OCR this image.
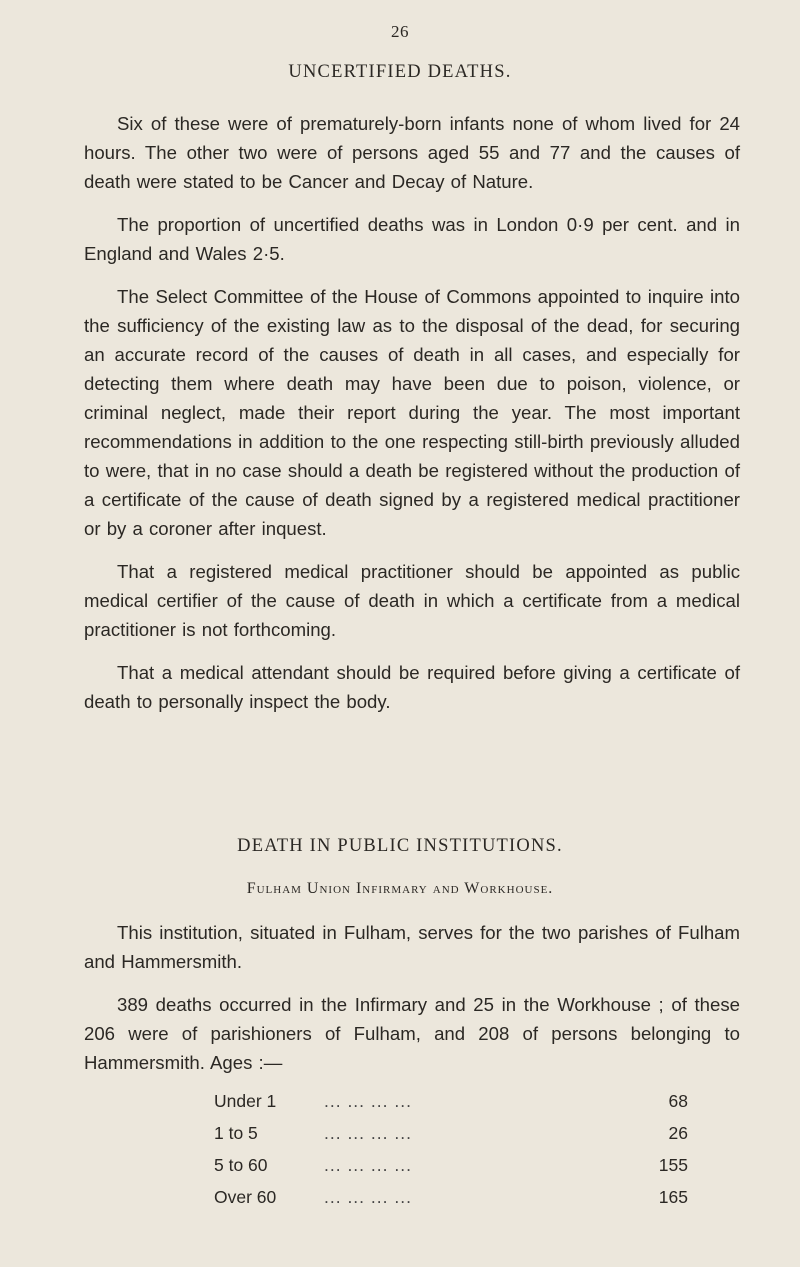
26
UNCERTIFIED DEATHS.

Six of these were of prematurely-born infants none of whom lived for 24 hours. The other two were of persons aged 55 and 77 and the causes of death were stated to be Cancer and Decay of Nature.

The proportion of uncertified deaths was in London 0·9 per cent. and in England and Wales 2·5.

The Select Committee of the House of Commons appointed to inquire into the sufficiency of the existing law as to the disposal of the dead, for securing an accurate record of the causes of death in all cases, and especially for detecting them where death may have been due to poison, violence, or criminal neglect, made their report during the year. The most important recommendations in addition to the one respecting still-birth previously alluded to were, that in no case should a death be registered without the production of a certificate of the cause of death signed by a registered medical practitioner or by a coroner after inquest.

That a registered medical practitioner should be appointed as public medical certifier of the cause of death in which a certificate from a medical practitioner is not forthcoming.

That a medical attendant should be required before giving a certificate of death to personally inspect the body.

DEATH IN PUBLIC INSTITUTIONS.
Fulham Union Infirmary and Workhouse.

This institution, situated in Fulham, serves for the two parishes of Fulham and Hammersmith.

389 deaths occurred in the Infirmary and 25 in the Workhouse ; of these 206 were of parishioners of Fulham, and 208 of persons belonging to Hammersmith. Ages :—

Under 1	... ... ... ...	68
1 to 5	... ... ... ...	26
5 to 60	... ... ... ...	155
Over 60	... ... ... ...	165
